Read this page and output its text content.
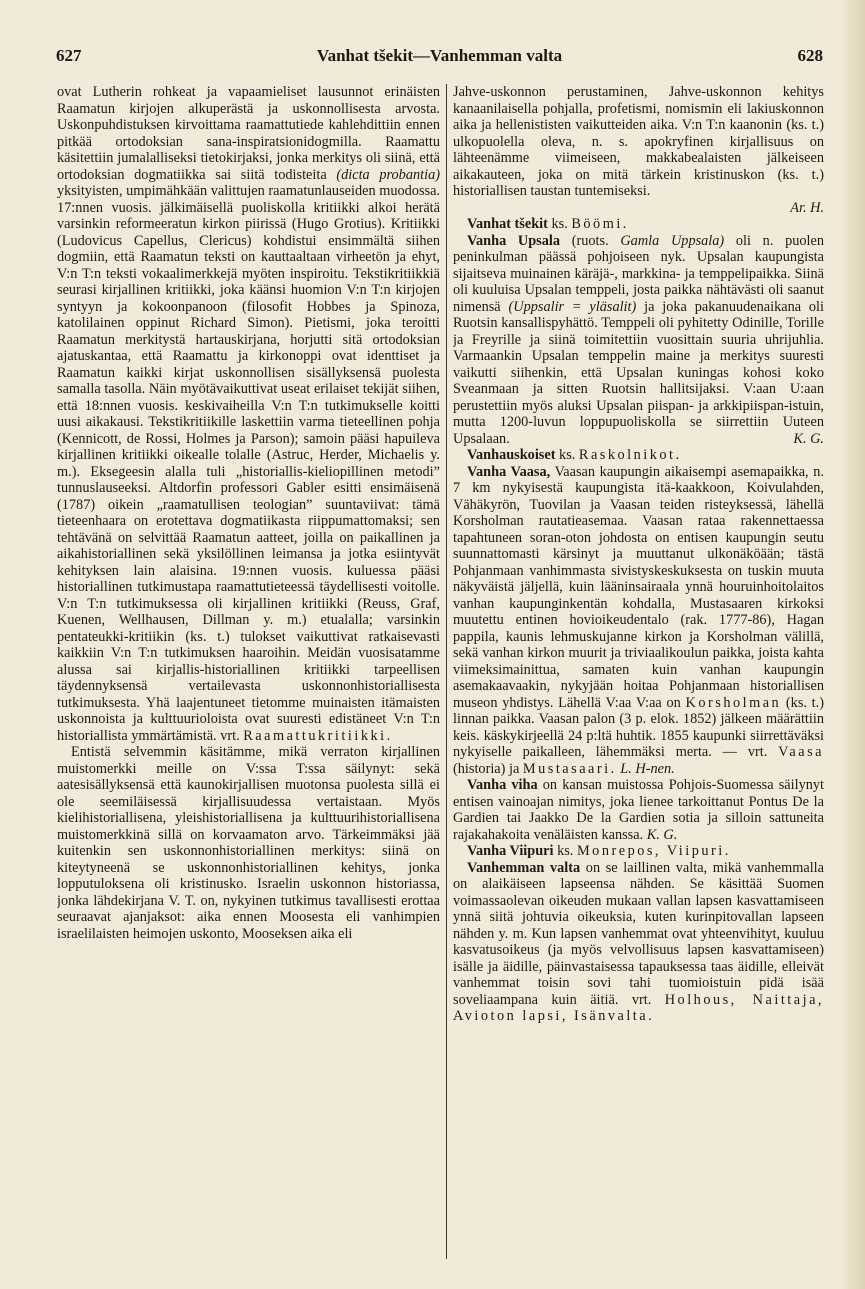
627	Vanhat tšekit—Vanhemman valta	628

ovat Lutherin rohkeat ja vapaamieliset lausunnot erinäisten Raamatun kirjojen alkuperästä ja uskonnollisesta arvosta. Uskonpuhdistuksen kirvoittama raamattutiede kahlehdittiin ennen pitkää ortodoksian sana-inspiratsionidogmilla. Raamattu käsitettiin jumalalliseksi tietokirjaksi, jonka merkitys oli siinä, että ortodoksian dogmatiikka sai siitä todisteita (dicta probantia) yksityisten, umpimähkään valittujen raamatunlauseiden muodossa. 17:nnen vuosis. jälkimäisellä puoliskolla kritiikki alkoi herätä varsinkin reformeeratun kirkon piirissä (Hugo Grotius). Kritiikki (Ludovicus Capellus, Clericus) kohdistui ensimmältä siihen dogmiin, että Raamatun teksti on kauttaaltaan virheetön ja ehyt, V:n T:n teksti vokaalimerkkejä myöten inspiroitu. Tekstikritiikkiä seurasi kirjallinen kritiikki, joka käänsi huomion V:n T:n kirjojen syntyyn ja kokoonpanoon (filosofit Hobbes ja Spinoza, katolilainen oppinut Richard Simon). Pietismi, joka teroitti Raamatun merkitystä hartauskirjana, horjutti sitä ortodoksian ajatuskantaa, että Raamattu ja kirkonoppi ovat identtiset ja Raamatun kaikki kirjat uskonnollisen sisällyksensä puolesta samalla tasolla. Näin myötävaikuttivat useat erilaiset tekijät siihen, että 18:nnen vuosis. keskivaiheilla V:n T:n tutkimukselle koitti uusi aikakausi. Tekstikritiikille laskettiin varma tieteellinen pohja (Kennicott, de Rossi, Holmes ja Parson); samoin pääsi hapuileva kirjallinen kritiikki oikealle tolalle (Astruc, Herder, Michaelis y. m.). Eksegeesin alalla tuli „historiallis-kieliopillinen metodi” tunnuslauseeksi. Altdorfin professori Gabler esitti ensimäisenä (1787) oikein „raamatullisen teologian” suuntaviivat: tämä tieteenhaara on erotettava dogmatiikasta riippumattomaksi; sen tehtävänä on selvittää Raamatun aatteet, joilla on paikallinen ja aikahistoriallinen sekä yksilöllinen leimansa ja jotka esiintyvät kehityksen lain alaisina. 19:nnen vuosis. kuluessa pääsi historiallinen tutkimustapa raamattutieteessä täydellisesti voitolle. V:n T:n tutkimuksessa oli kirjallinen kritiikki (Reuss, Graf, Kuenen, Wellhausen, Dillman y. m.) etualalla; varsinkin pentateukki-kritiikin (ks. t.) tulokset vaikuttivat ratkaisevasti kaikkiin V:n T:n tutkimuksen haaroihin. Meidän vuosisatamme alussa sai kirjallis-historiallinen kritiikki tarpeellisen täydennyksensä vertailevasta uskonnonhistoriallisesta tutkimuksesta. Yhä laajentuneet tietomme muinaisten itämaisten uskonnoista ja kulttuurioloista ovat suuresti edistäneet V:n T:n historiallista ymmärtämistä. vrt. Raamattukritiikki.

Entistä selvemmin käsitämme, mikä verraton kirjallinen muistomerkki meille on V:ssa T:ssa säilynyt: sekä aatesisällyksensä että kaunokirjallisen muotonsa puolesta sillä ei ole seemiläisessä kirjallisuudessa vertaistaan. Myös kielihistoriallisena, yleishistoriallisena ja kulttuurihistoriallisena muistomerkkinä sillä on korvaamaton arvo. Tärkeimmäksi jää kuitenkin sen uskonnonhistoriallinen merkitys: siinä on kiteytyneenä se uskonnonhistoriallinen kehitys, jonka lopputuloksena oli kristinusko. Israelin uskonnon historiassa, jonka lähdekirjana V. T. on, nykyinen tutkimus tavallisesti erottaa seuraavat ajanjaksot: aika ennen Moosesta eli vanhimpien israelilaisten heimojen uskonto, Mooseksen aika eli

Jahve-uskonnon perustaminen, Jahve-uskonnon kehitys kanaanilaisella pohjalla, profetismi, nomismin eli lakiuskonnon aika ja hellenististen vaikutteiden aika. V:n T:n kaanonin (ks. t.) ulkopuolella oleva, n. s. apokryfinen kirjallisuus on lähteenämme viimeiseen, makkabealaisten jälkeiseen aikakauteen, joka on mitä tärkein kristinuskon (ks. t.) historiallisen taustan tuntemiseksi.
Ar. H.

Vanhat tšekit ks. Böömi.

Vanha Upsala (ruots. Gamla Uppsala) oli n. puolen peninkulman päässä pohjoiseen nyk. Upsalan kaupungista sijaitseva muinainen käräjä-, markkina- ja temppelipaikka. Siinä oli kuuluisa Upsalan temppeli, josta paikka nähtävästi oli saanut nimensä (Uppsalir = yläsalit) ja joka pakanuudenaikana oli Ruotsin kansallispyhättö. Temppeli oli pyhitetty Odinille, Torille ja Freyrille ja siinä toimitettiin vuosittain suuria uhrijuhlia. Varmaankin Upsalan temppelin maine ja merkitys suuresti vaikutti siihenkin, että Upsalan kuningas kohosi koko Sveanmaan ja sitten Ruotsin hallitsijaksi. V:aan U:aan perustettiin myös aluksi Upsalan piispan- ja arkkipiispan-istuin, mutta 1200-luvun loppupuoliskolla se siirrettiin Uuteen Upsalaan.	K. G.

Vanhauskoiset ks. Raskolnikot.

Vanha Vaasa, Vaasan kaupungin aikaisempi asemapaikka, n. 7 km nykyisestä kaupungista itä-kaakkoon, Koivulahden, Vähäkyrön, Tuovilan ja Vaasan teiden risteyksessä, lähellä Korsholman rautatieasemaa. Vaasan rataa rakennettaessa tapahtuneen soran-oton johdosta on entisen kaupungin seutu suunnattomasti kärsinyt ja muuttanut ulkonäköään; tästä Pohjanmaan vanhimmasta sivistyskeskuksesta on tuskin muuta näkyväistä jäljellä, kuin lääninsairaala ynnä houruinhoitolaitos vanhan kaupunginkentän kohdalla, Mustasaaren kirkoksi muutettu entinen hovioikeudentalo (rak. 1777-86), Hagan pappila, kaunis lehmuskujanne kirkon ja Korsholman välillä, sekä vanhan kirkon muurit ja triviaalikoulun paikka, joista kahta viimeksimainittua, samaten kuin vanhan kaupungin asemakaavaakin, nykyjään hoitaa Pohjanmaan historiallisen museon yhdistys. Lähellä V:aa V:aa on Korsholman (ks. t.) linnan paikka. Vaasan palon (3 p. elok. 1852) jälkeen määrättiin keis. käskykirjeellä 24 p:ltä huhtik. 1855 kaupunki siirrettäväksi nykyiselle paikalleen, lähemmäksi merta. — vrt. Vaasa (historia) ja Mustasaari. L. H-nen.

Vanha viha on kansan muistossa Pohjois-Suomessa säilynyt entisen vainoajan nimitys, joka lienee tarkoittanut Pontus De la Gardien tai Jaakko De la Gardien sotia ja silloin sattuneita rajakahakoita venäläisten kanssa. K. G.

Vanha Viipuri ks. Monrepos, Viipuri.

Vanhemman valta on se laillinen valta, mikä vanhemmalla on alaikäiseen lapseensa nähden. Se käsittää Suomen voimassaolevan oikeuden mukaan vallan lapsen kasvattamiseen ynnä siitä johtuvia oikeuksia, kuten kurinpitovallan lapseen nähden y. m. Kun lapsen vanhemmat ovat yhteenvihityt, kuuluu kasvatusoikeus (ja myös velvollisuus lapsen kasvattamiseen) isälle ja äidille, päinvastaisessa tapauksessa taas äidille, elleivät vanhemmat toisin sovi tahi tuomioistuin pidä isää soveliaampana kuin äitiä. vrt. Holhous, Naittaja, Avioton lapsi, Isänvalta.
